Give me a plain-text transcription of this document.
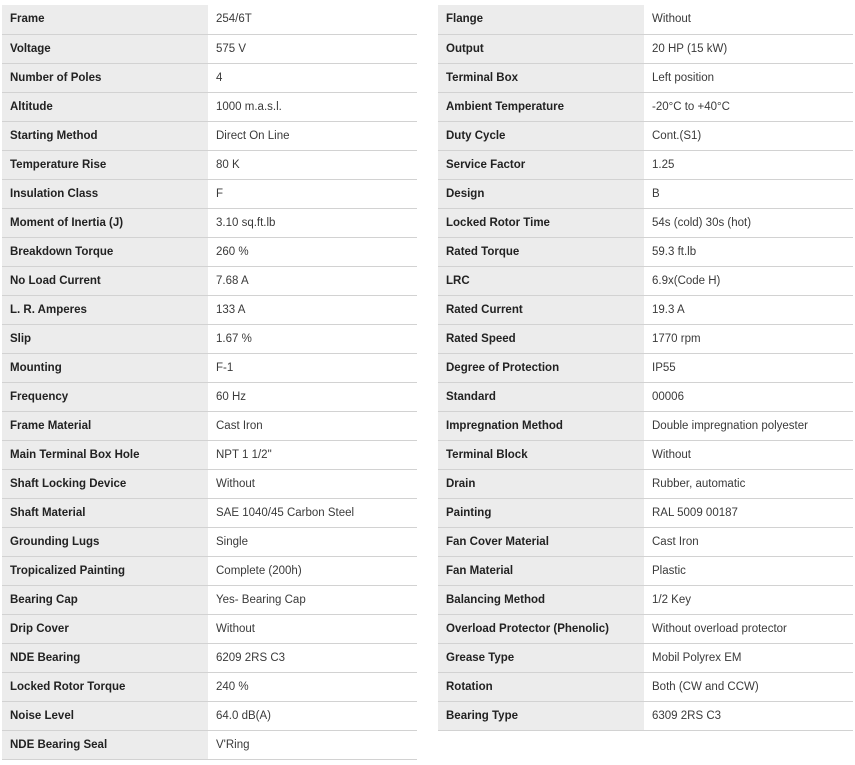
Frame	254/6T
Voltage	575 V
Number of Poles	4
Altitude	1000 m.a.s.l.
Starting Method	Direct On Line
Temperature Rise	80 K
Insulation Class	F
Moment of Inertia (J)	3.10 sq.ft.lb
Breakdown Torque	260 %
No Load Current	7.68 A
L. R. Amperes	133 A
Slip	1.67 %
Mounting	F-1
Frequency	60 Hz
Frame Material	Cast Iron
Main Terminal Box Hole	NPT 1 1/2"
Shaft Locking Device	Without
Shaft Material	SAE 1040/45 Carbon Steel
Grounding Lugs	Single
Tropicalized Painting	Complete (200h)
Bearing Cap	Yes- Bearing Cap
Drip Cover	Without
NDE Bearing	6209 2RS C3
Locked Rotor Torque	240 %
Noise Level	64.0 dB(A)
NDE Bearing Seal	V'Ring
Flange	Without
Output	20 HP (15 kW)
Terminal Box	Left position
Ambient Temperature	-20°C to +40°C
Duty Cycle	Cont.(S1)
Service Factor	1.25
Design	B
Locked Rotor Time	54s (cold) 30s (hot)
Rated Torque	59.3 ft.lb
LRC	6.9x(Code H)
Rated Current	19.3 A
Rated Speed	1770 rpm
Degree of Protection	IP55
Standard	00006
Impregnation Method	Double impregnation polyester
Terminal Block	Without
Drain	Rubber, automatic
Painting	RAL 5009 00187
Fan Cover Material	Cast Iron
Fan Material	Plastic
Balancing Method	1/2 Key
Overload Protector (Phenolic)	Without overload protector
Grease Type	Mobil Polyrex EM
Rotation	Both (CW and CCW)
Bearing Type	6309 2RS C3
